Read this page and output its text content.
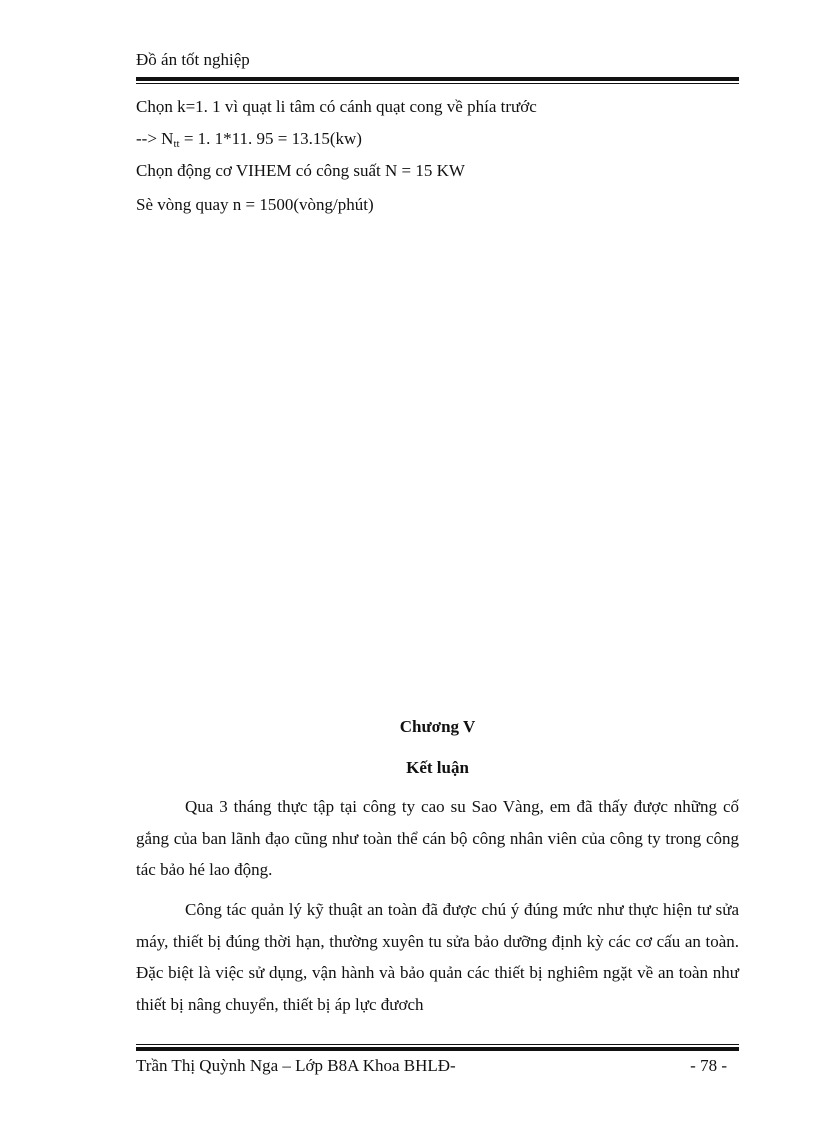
Đồ án tốt nghiệp
Chọn k=1. 1 vì quạt li tâm có cánh quạt cong về phía trước
--> $N_{tt} = 1$. 1*11. 95 = 13.15(kw)
Chọn động cơ VIHEM có công suất N = 15 KW
Sè vòng quay n = 1500(vòng/phút)
Chương V
Kết luận
Qua 3 tháng thực tập tại công ty cao su Sao Vàng, em đã thấy được những cố gắng của ban lãnh đạo cũng như toàn thể cán bộ công nhân viên của công ty trong công tác bảo hé lao động.
Công tác quản lý kỹ thuật an toàn đã được chú ý đúng mức như thực hiện tư sửa máy, thiết bị đúng thời hạn, thường xuyên tu sửa bảo dưỡng định kỳ các cơ cấu an toàn. Đặc biệt là việc sử dụng, vận hành và bảo quản các thiết bị nghiêm ngặt về an toàn như thiết bị nâng chuyển, thiết bị áp lực đươch
Trần Thị Quỳnh Nga – Lớp B8A Khoa BHLĐ-	- 78 -
